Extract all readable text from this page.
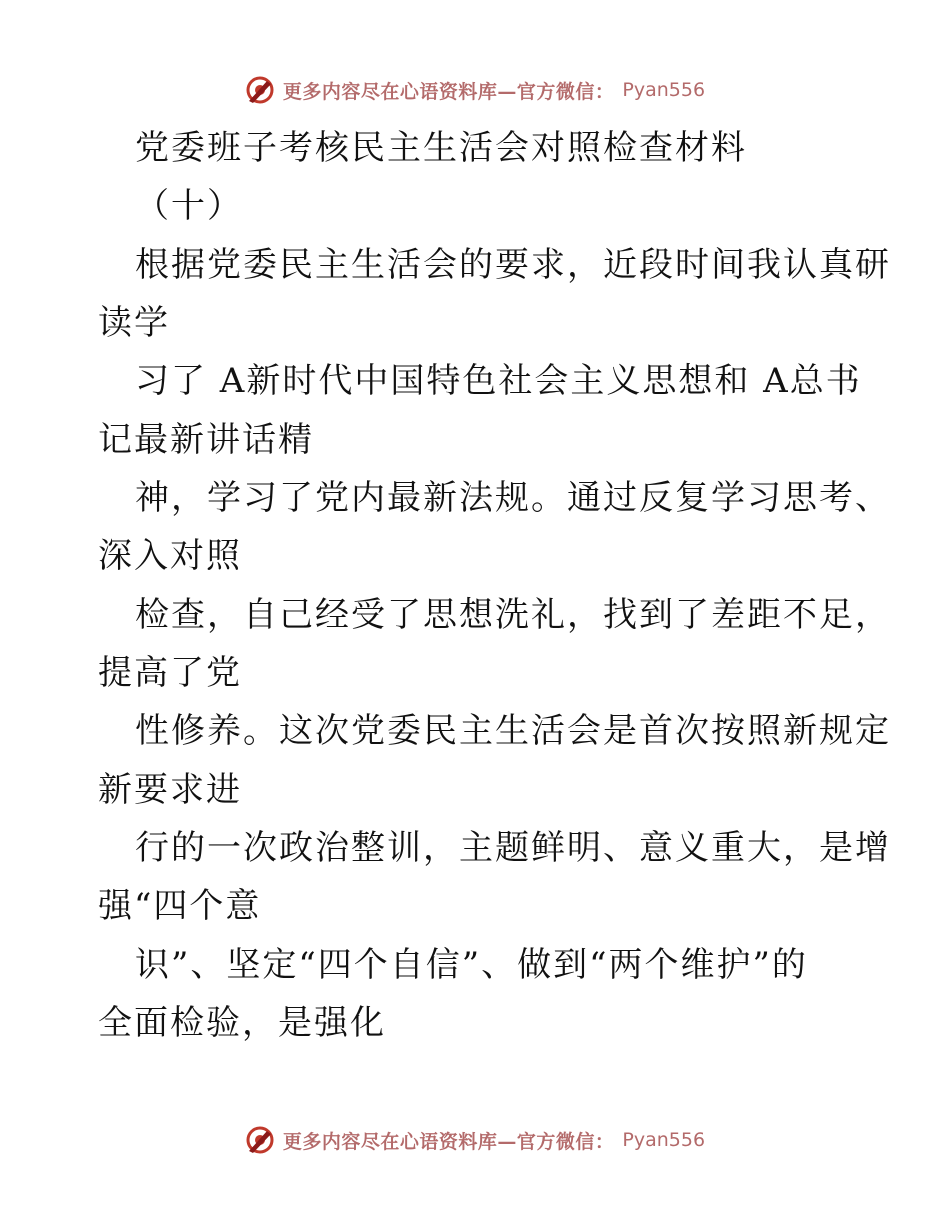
更多内容尽在心语资料库—官方微信： Pyan556
党委班子考核民主生活会对照检查材料
（十）
根据党委民主生活会的要求，近段时间我认真研
读学
习了 A新时代中国特色社会主义思想和 A总书
记最新讲话精
神，学习了党内最新法规。通过反复学习思考、
深入对照
检查，自己经受了思想洗礼，找到了差距不足，
提高了党
性修养。这次党委民主生活会是首次按照新规定
新要求进
行的一次政治整训，主题鲜明、意义重大，是增
强“四个意
识”、坚定“四个自信”、做到“两个维护”的
全面检验，是强化
更多内容尽在心语资料库—官方微信： Pyan556
